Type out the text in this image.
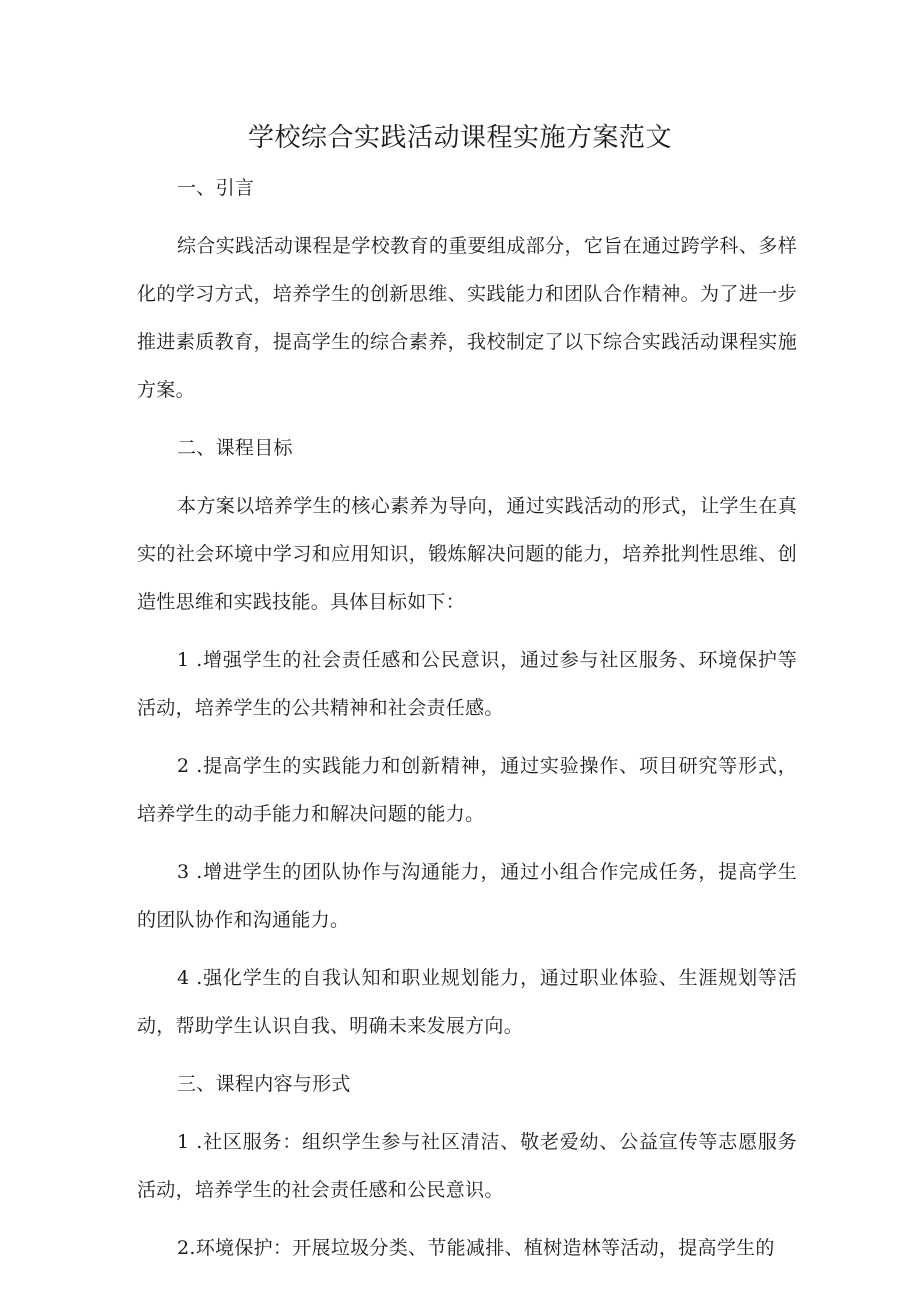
学校综合实践活动课程实施方案范文
一、引言

综合实践活动课程是学校教育的重要组成部分，它旨在通过跨学科、多样化的学习方式，培养学生的创新思维、实践能力和团队合作精神。为了进一步推进素质教育，提高学生的综合素养，我校制定了以下综合实践活动课程实施方案。

二、课程目标

本方案以培养学生的核心素养为导向，通过实践活动的形式，让学生在真实的社会环境中学习和应用知识，锻炼解决问题的能力，培养批判性思维、创造性思维和实践技能。具体目标如下：

1 .增强学生的社会责任感和公民意识，通过参与社区服务、环境保护等活动，培养学生的公共精神和社会责任感。

2 .提高学生的实践能力和创新精神，通过实验操作、项目研究等形式，培养学生的动手能力和解决问题的能力。

3 .增进学生的团队协作与沟通能力，通过小组合作完成任务，提高学生的团队协作和沟通能力。

4 .强化学生的自我认知和职业规划能力，通过职业体验、生涯规划等活动，帮助学生认识自我、明确未来发展方向。

三、课程内容与形式

1 .社区服务：组织学生参与社区清洁、敬老爱幼、公益宣传等志愿服务活动，培养学生的社会责任感和公民意识。

2.环境保护：开展垃圾分类、节能减排、植树造林等活动，提高学生的
